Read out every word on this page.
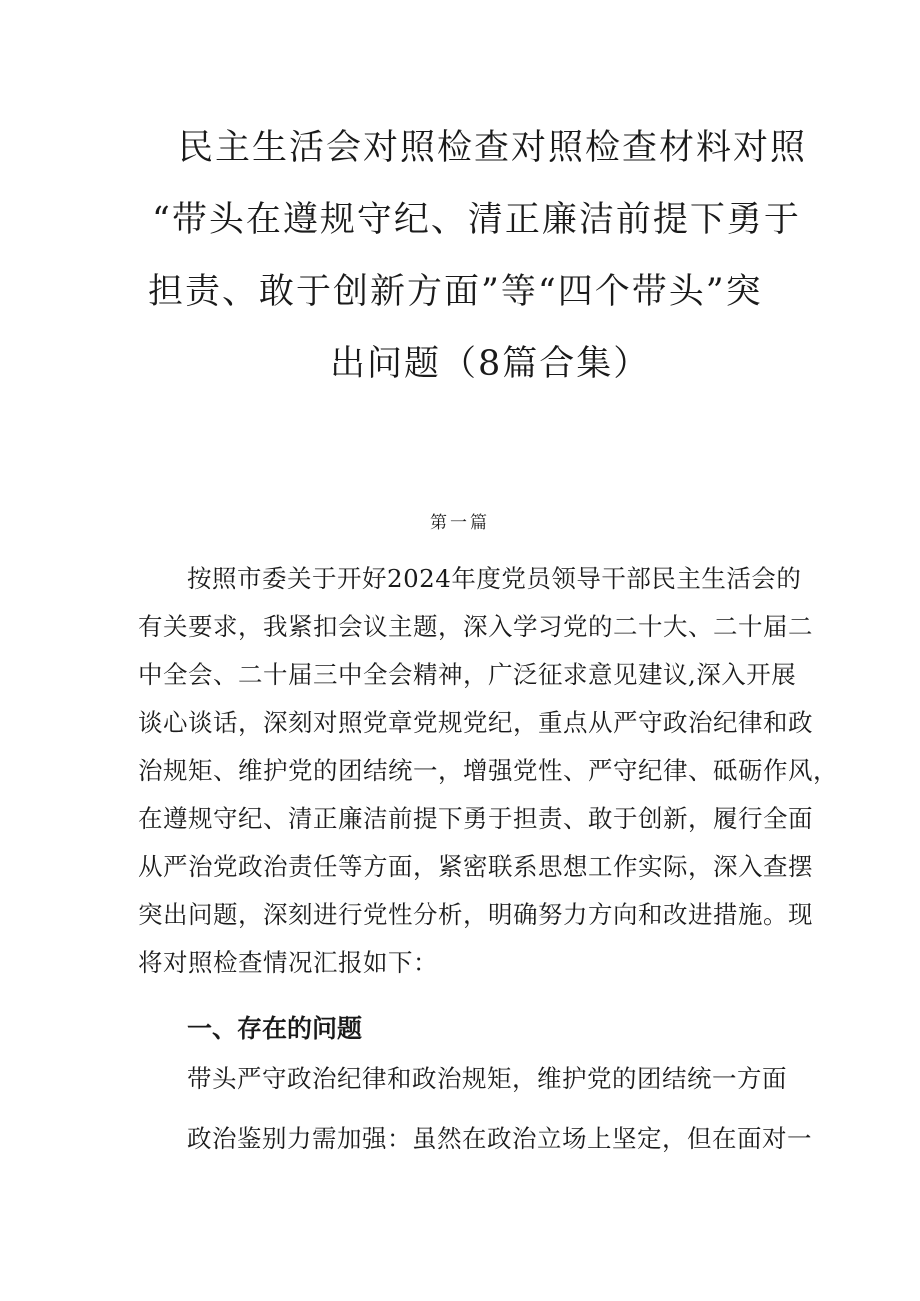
民主生活会对照检查对照检查材料对照
“带头在遵规守纪、清正廉洁前提下勇于
担责、敢于创新方面”等“四个带头”突
出问题（8篇合集）
第一篇
按照市委关于开好2024年度党员领导干部民主生活会的
有关要求，我紧扣会议主题，深入学习党的二十大、二十届二
中全会、二十届三中全会精神，广泛征求意见建议,深入开展
谈心谈话，深刻对照党章党规党纪，重点从严守政治纪律和政
治规矩、维护党的团结统一，增强党性、严守纪律、砥砺作风，
在遵规守纪、清正廉洁前提下勇于担责、敢于创新，履行全面
从严治党政治责任等方面，紧密联系思想工作实际，深入查摆
突出问题，深刻进行党性分析，明确努力方向和改进措施。现
将对照检查情况汇报如下：
一、存在的问题
带头严守政治纪律和政治规矩，维护党的团结统一方面
政治鉴别力需加强：虽然在政治立场上坚定，但在面对一
